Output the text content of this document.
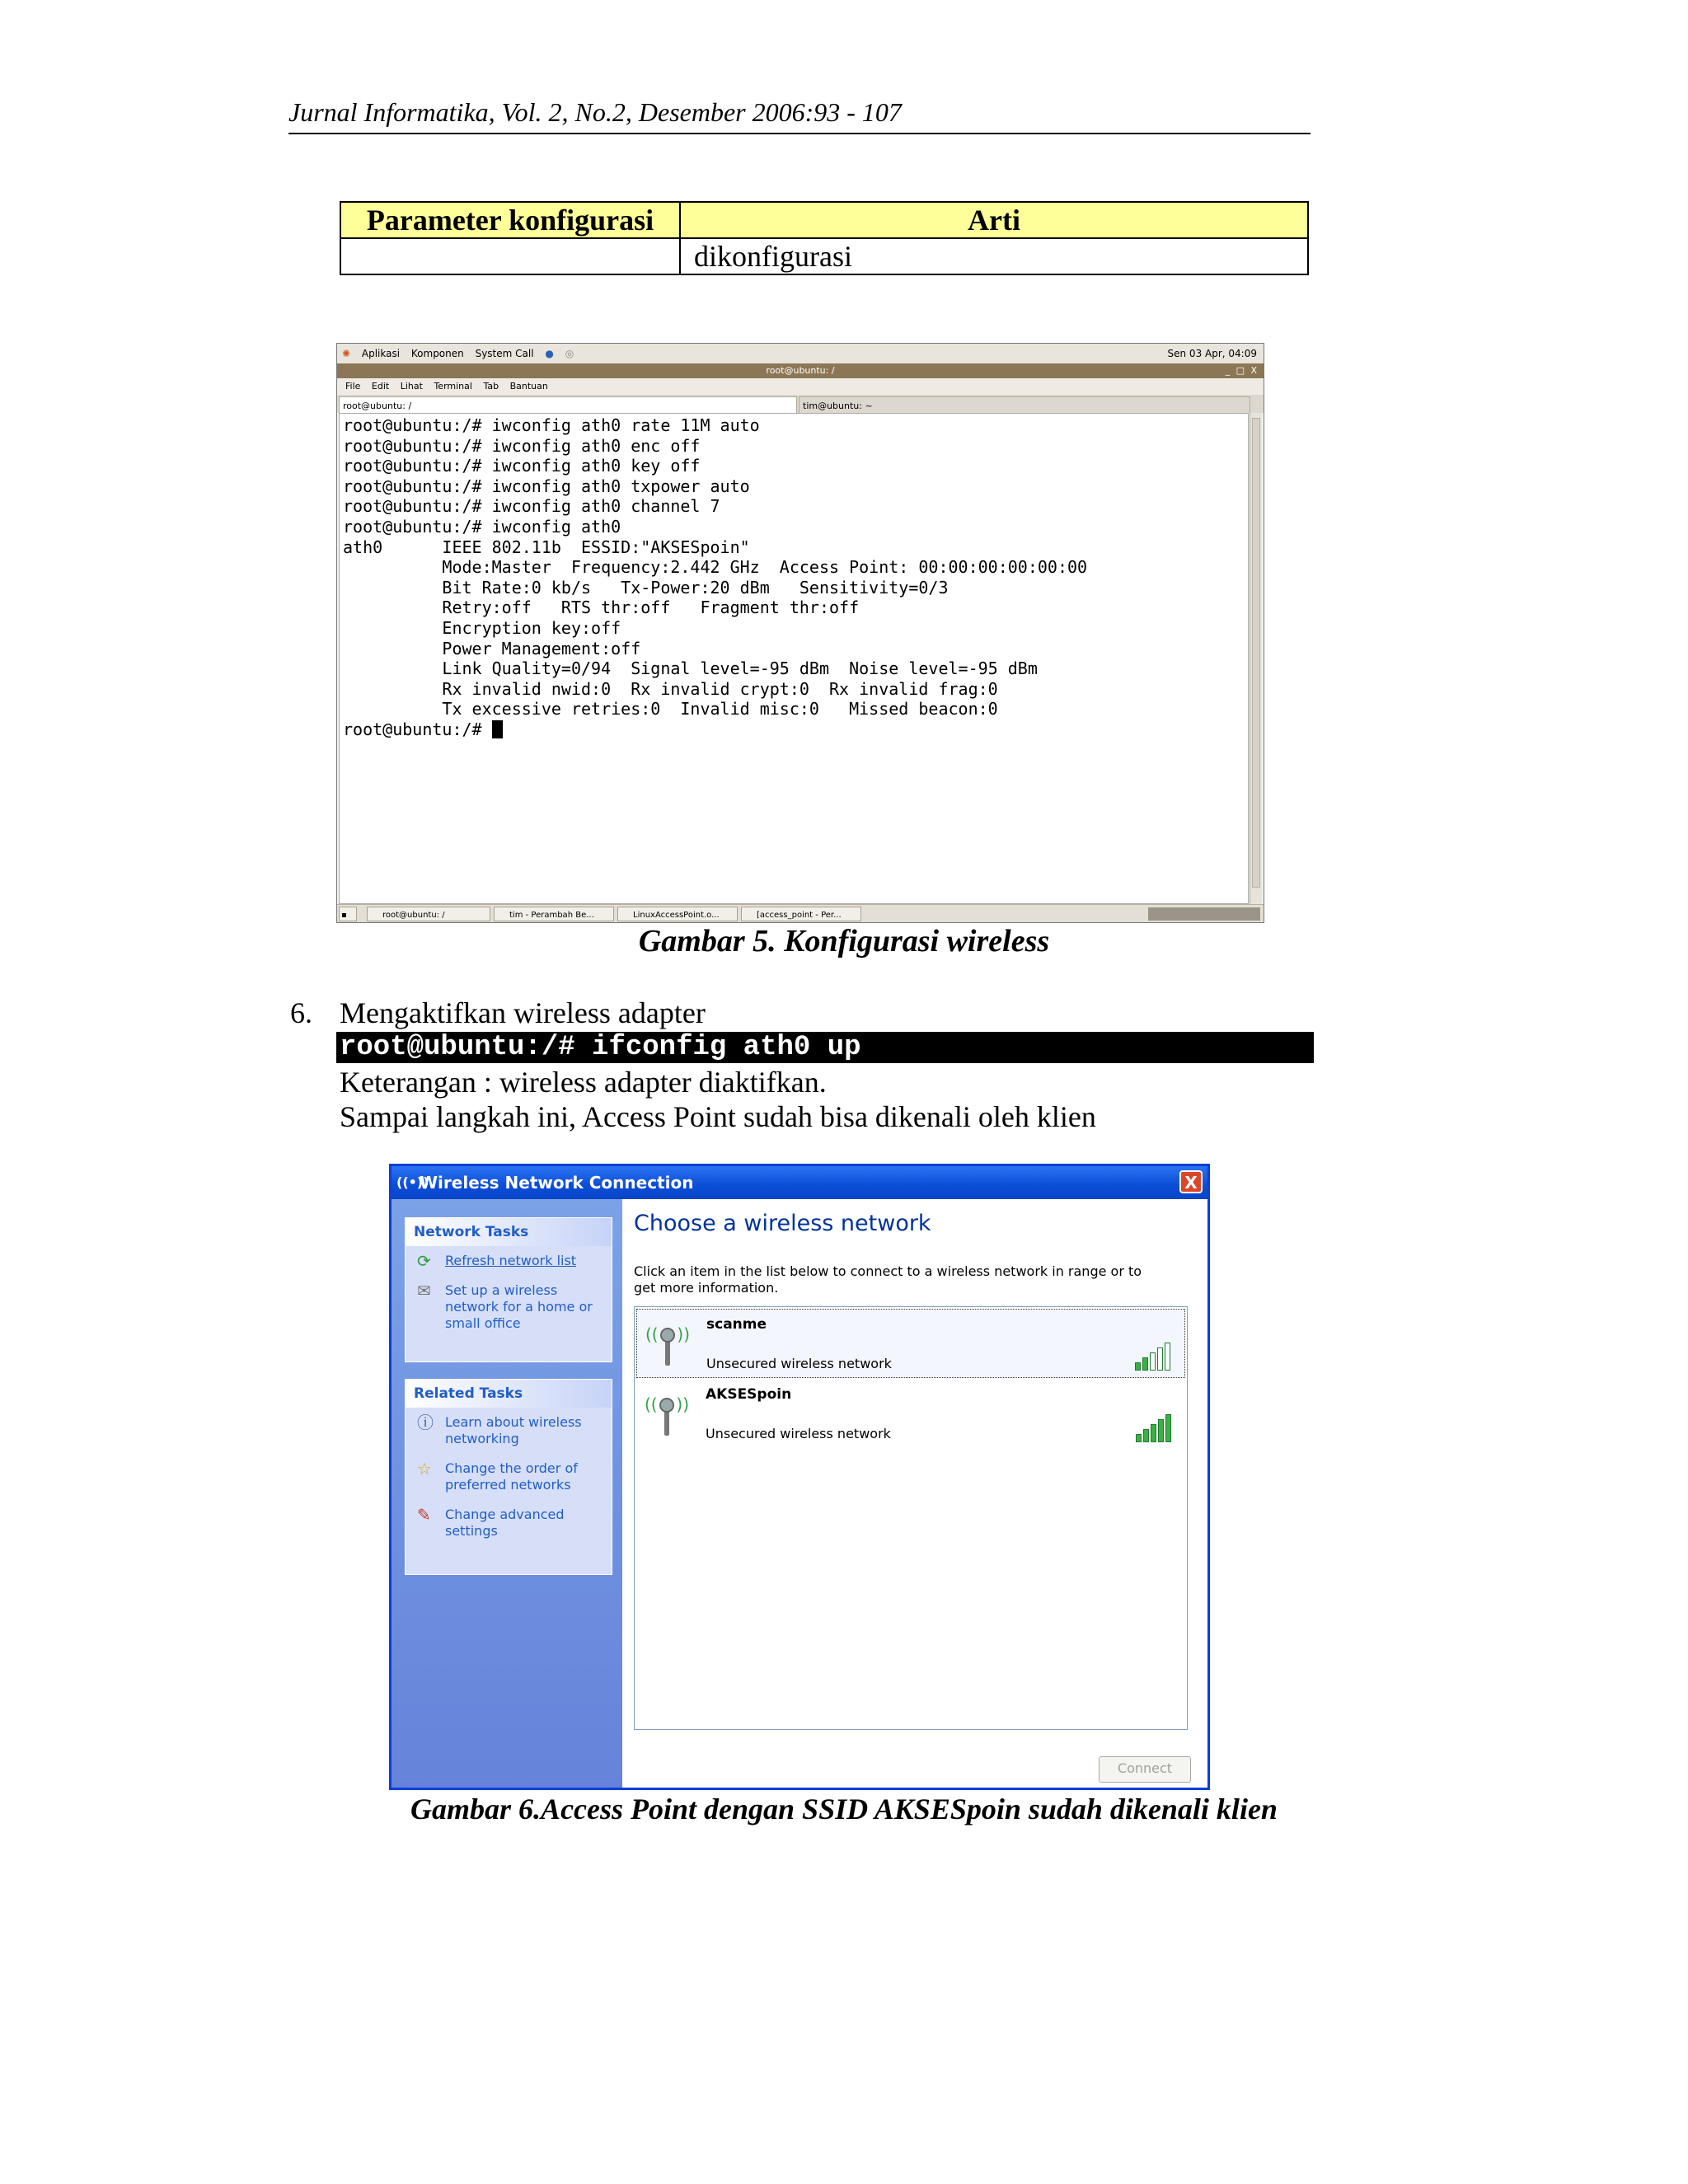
Jurnal Informatika, Vol. 2, No.2, Desember 2006:93 - 107
Parameter konfigurasi	Arti
	dikonfigurasi
✺ Aplikasi Komponen System Call ● ◎	Sen 03 Apr, 04:09
root@ubuntu: /	_ □ X
File Edit Lihat Terminal Tab Bantuan
root@ubuntu: /	tim@ubuntu: ~
root@ubuntu:/# iwconfig ath0 rate 11M auto
root@ubuntu:/# iwconfig ath0 enc off
root@ubuntu:/# iwconfig ath0 key off
root@ubuntu:/# iwconfig ath0 txpower auto
root@ubuntu:/# iwconfig ath0 channel 7
root@ubuntu:/# iwconfig ath0
ath0      IEEE 802.11b  ESSID:"AKSESpoin"
Mode:Master  Frequency:2.442 GHz  Access Point: 00:00:00:00:00:00
Bit Rate:0 kb/s   Tx-Power:20 dBm   Sensitivity=0/3
Retry:off   RTS thr:off   Fragment thr:off
Encryption key:off
Power Management:off
Link Quality=0/94  Signal level=-95 dBm  Noise level=-95 dBm
Rx invalid nwid:0  Rx invalid crypt:0  Rx invalid frag:0
Tx excessive retries:0  Invalid misc:0   Missed beacon:0
root@ubuntu:/#
▪	root@ubuntu: /	tim - Perambah Be...	LinuxAccessPoint.o...	[access_point - Per...
Gambar 5. Konfigurasi wireless
6. Mengaktifkan wireless adapter
root@ubuntu:/# ifconfig ath0 up
Keterangan : wireless adapter diaktifkan.
Sampai langkah ini, Access Point sudah bisa dikenali oleh klien
((•))
Wireless Network Connection	X
Network Tasks
⟳ Refresh network list
✉ Set up a wireless network for a home or small office
Related Tasks
ⓘ Learn about wireless networking
☆ Change the order of preferred networks
✎ Change advanced settings
Choose a wireless network
Click an item in the list below to connect to a wireless network in range or to get more information.
(( )) scanme
Unsecured wireless network
(( )) AKSESpoin
Unsecured wireless network
Connect
Gambar 6.Access Point dengan SSID AKSESpoin sudah dikenali klien
